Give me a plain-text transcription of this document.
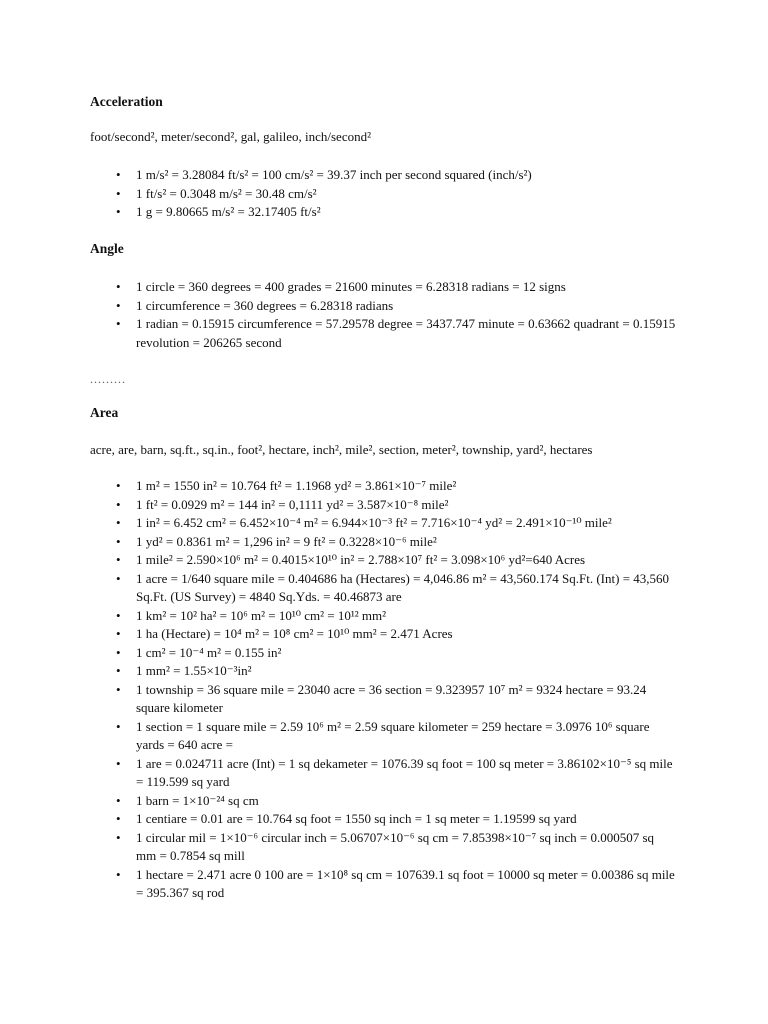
Acceleration
foot/second², meter/second², gal, galileo, inch/second²
• 1 m/s² = 3.28084 ft/s² = 100 cm/s² = 39.37 inch per second squared (inch/s²)
• 1 ft/s² = 0.3048 m/s² = 30.48 cm/s²
• 1 g = 9.80665 m/s² = 32.17405 ft/s²
Angle
• 1 circle = 360 degrees = 400 grades = 21600 minutes = 6.28318 radians = 12 signs
• 1 circumference = 360 degrees = 6.28318 radians
• 1 radian = 0.15915 circumference = 57.29578 degree = 3437.747 minute = 0.63662 quadrant = 0.15915 revolution = 206265 second
.........
Area
acre, are, barn, sq.ft., sq.in., foot², hectare, inch², mile², section, meter², township, yard², hectares
• 1 m² = 1550 in² = 10.764 ft² = 1.1968 yd² = 3.861×10⁻⁷ mile²
• 1 ft² = 0.0929 m² = 144 in² = 0,1111 yd² = 3.587×10⁻⁸ mile²
• 1 in² = 6.452 cm² = 6.452×10⁻⁴ m² = 6.944×10⁻³ ft² = 7.716×10⁻⁴ yd² = 2.491×10⁻¹⁰ mile²
• 1 yd² = 0.8361 m² = 1,296 in² = 9 ft² = 0.3228×10⁻⁶ mile²
• 1 mile² = 2.590×10⁶ m² = 0.4015×10¹⁰ in² = 2.788×10⁷ ft² = 3.098×10⁶ yd²=640 Acres
• 1 acre = 1/640 square mile = 0.404686 ha (Hectares) = 4,046.86 m² = 43,560.174 Sq.Ft. (Int) = 43,560 Sq.Ft. (US Survey) = 4840 Sq.Yds. = 40.46873 are
• 1 km² = 10² ha² = 10⁶ m² = 10¹⁰ cm² = 10¹² mm²
• 1 ha (Hectare) = 10⁴ m² = 10⁸ cm² = 10¹⁰ mm² = 2.471 Acres
• 1 cm² = 10⁻⁴ m² = 0.155 in²
• 1 mm² = 1.55×10⁻³in²
• 1 township = 36 square mile = 23040 acre = 36 section = 9.323957 10⁷ m² = 9324 hectare = 93.24 square kilometer
• 1 section = 1 square mile = 2.59 10⁶ m² = 2.59 square kilometer = 259 hectare = 3.0976 10⁶ square yards = 640 acre =
• 1 are = 0.024711 acre (Int) = 1 sq dekameter = 1076.39 sq foot = 100 sq meter = 3.86102×10⁻⁵ sq mile = 119.599 sq yard
• 1 barn = 1×10⁻²⁴ sq cm
• 1 centiare = 0.01 are = 10.764 sq foot = 1550 sq inch = 1 sq meter = 1.19599 sq yard
• 1 circular mil = 1×10⁻⁶ circular inch = 5.06707×10⁻⁶ sq cm = 7.85398×10⁻⁷ sq inch = 0.000507 sq mm = 0.7854 sq mill
• 1 hectare = 2.471 acre 0 100 are = 1×10⁸ sq cm = 107639.1 sq foot = 10000 sq meter = 0.00386 sq mile = 395.367 sq rod
